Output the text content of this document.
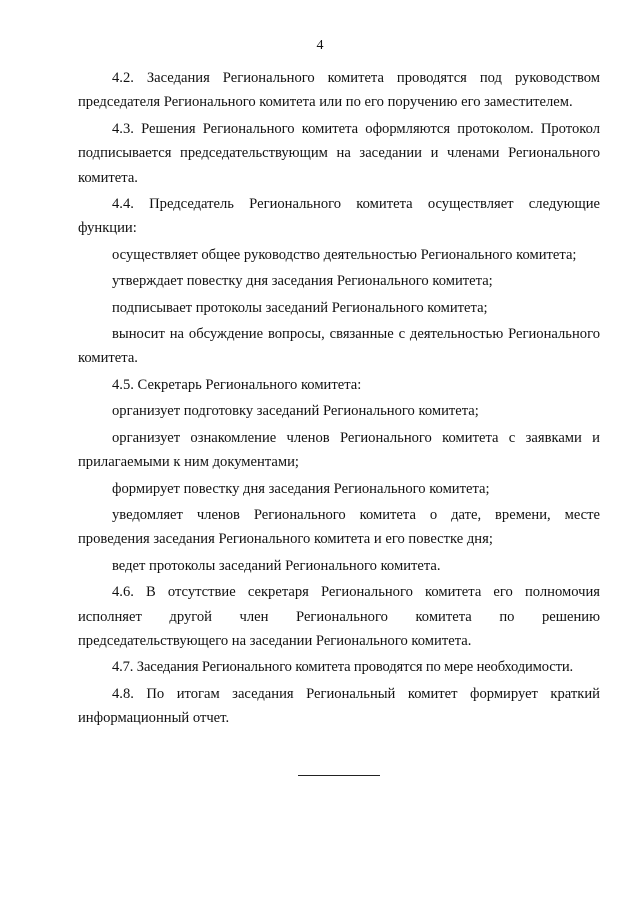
4

4.2. Заседания Регионального комитета проводятся под руководством председателя Регионального комитета или по его поручению его заместителем.

4.3. Решения Регионального комитета оформляются протоколом. Протокол подписывается председательствующим на заседании и членами Регионального комитета.

4.4. Председатель Регионального комитета осуществляет следующие функции:

осуществляет общее руководство деятельностью Регионального комитета;

утверждает повестку дня заседания Регионального комитета;

подписывает протоколы заседаний Регионального комитета;

выносит на обсуждение вопросы, связанные с деятельностью Регионального комитета.

4.5. Секретарь Регионального комитета:

организует подготовку заседаний Регионального комитета;

организует ознакомление членов Регионального комитета с заявками и прилагаемыми к ним документами;

формирует повестку дня заседания Регионального комитета;

уведомляет членов Регионального комитета о дате, времени, месте проведения заседания Регионального комитета и его повестке дня;

ведет протоколы заседаний Регионального комитета.

4.6. В отсутствие секретаря Регионального комитета его полномочия исполняет другой член Регионального комитета по решению председательствующего на заседании Регионального комитета.

4.7. Заседания Регионального комитета проводятся по мере необходимости.

4.8. По итогам заседания Региональный комитет формирует краткий информационный отчет.
